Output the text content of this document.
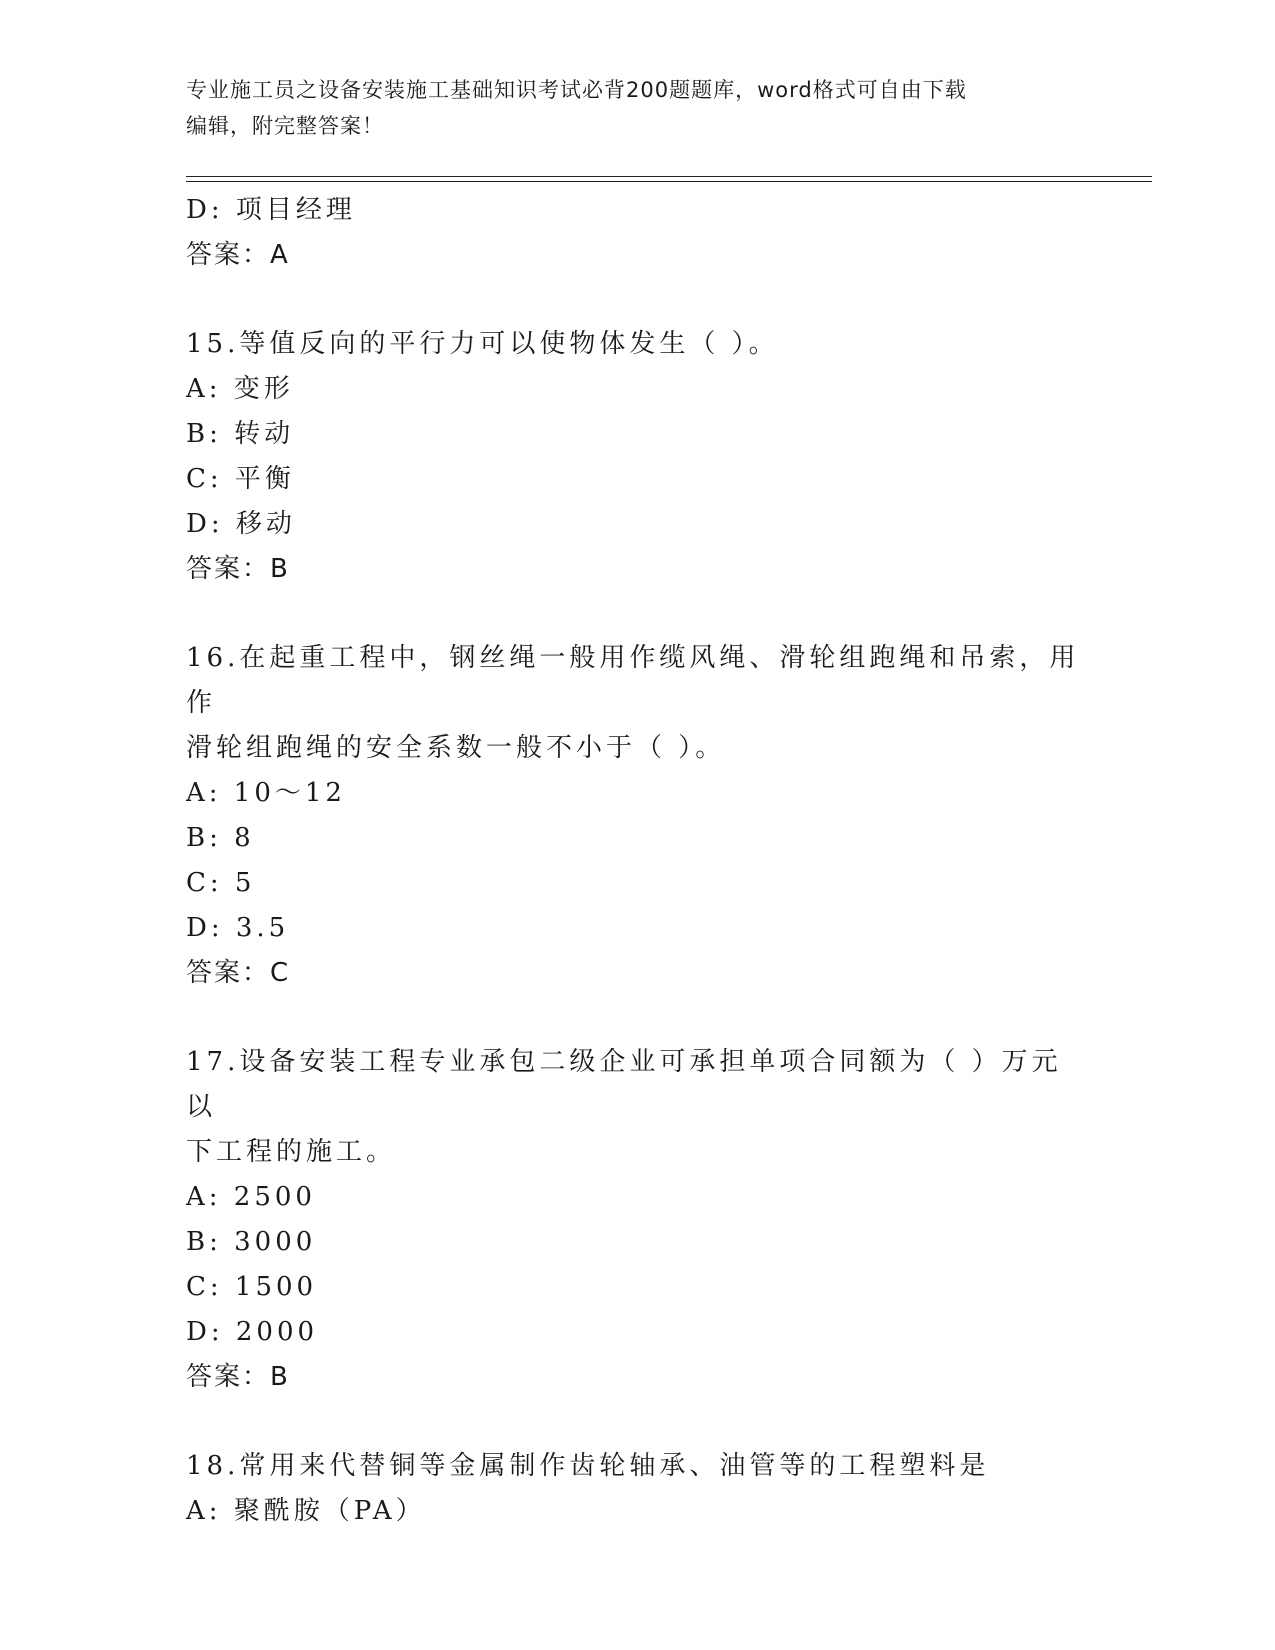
专业施工员之设备安装施工基础知识考试必背200题题库，word格式可自由下载
编辑，附完整答案！
D: 项目经理
答案：A
15.等值反向的平行力可以使物体发生（ ）。
A: 变形
B: 转动
C: 平衡
D: 移动
答案：B
16.在起重工程中，钢丝绳一般用作缆风绳、滑轮组跑绳和吊索，用作
滑轮组跑绳的安全系数一般不小于（ ）。
A: 10～12
B: 8
C: 5
D: 3.5
答案：C
17.设备安装工程专业承包二级企业可承担单项合同额为（ ）万元以
下工程的施工。
A: 2500
B: 3000
C: 1500
D: 2000
答案：B
18.常用来代替铜等金属制作齿轮轴承、油管等的工程塑料是
A: 聚酰胺（PA）
